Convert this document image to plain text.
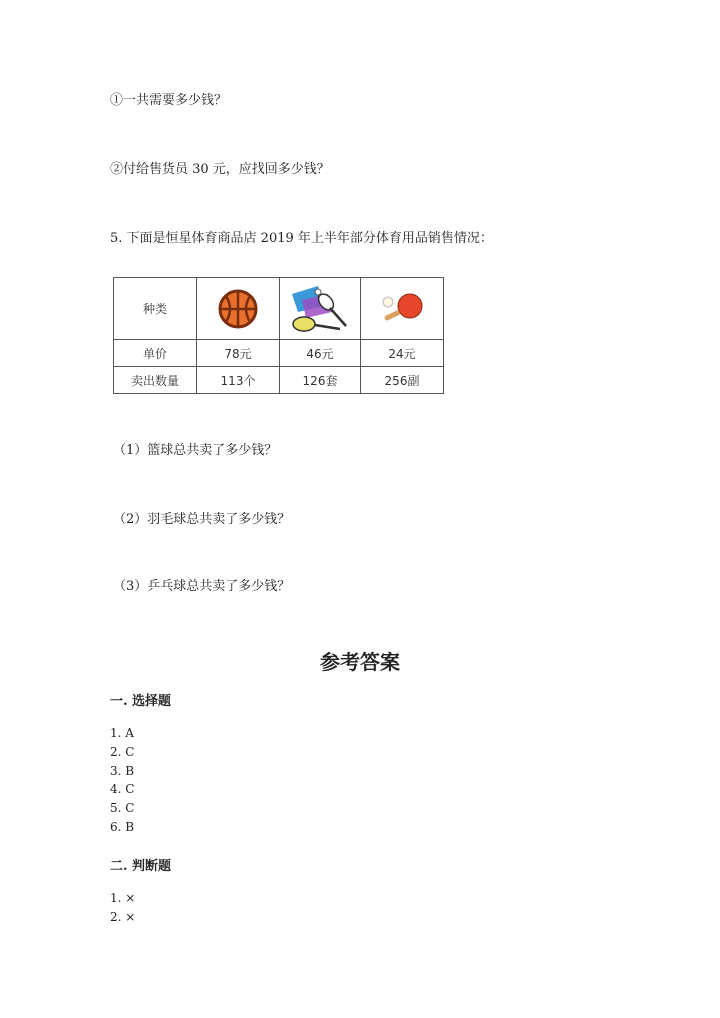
①一共需要多少钱？
②付给售货员 30 元，应找回多少钱？
5. 下面是恒星体育商品店 2019 年上半年部分体育用品销售情况：
种类	

单价	78元	46元	24元
卖出数量	113个	126套	256副
（1）篮球总共卖了多少钱？
（2）羽毛球总共卖了多少钱？
（3）乒乓球总共卖了多少钱？
参考答案
一. 选择题
1. A
2. C
3. B
4. C
5. C
6. B
二. 判断题
1. ×
2. ×
